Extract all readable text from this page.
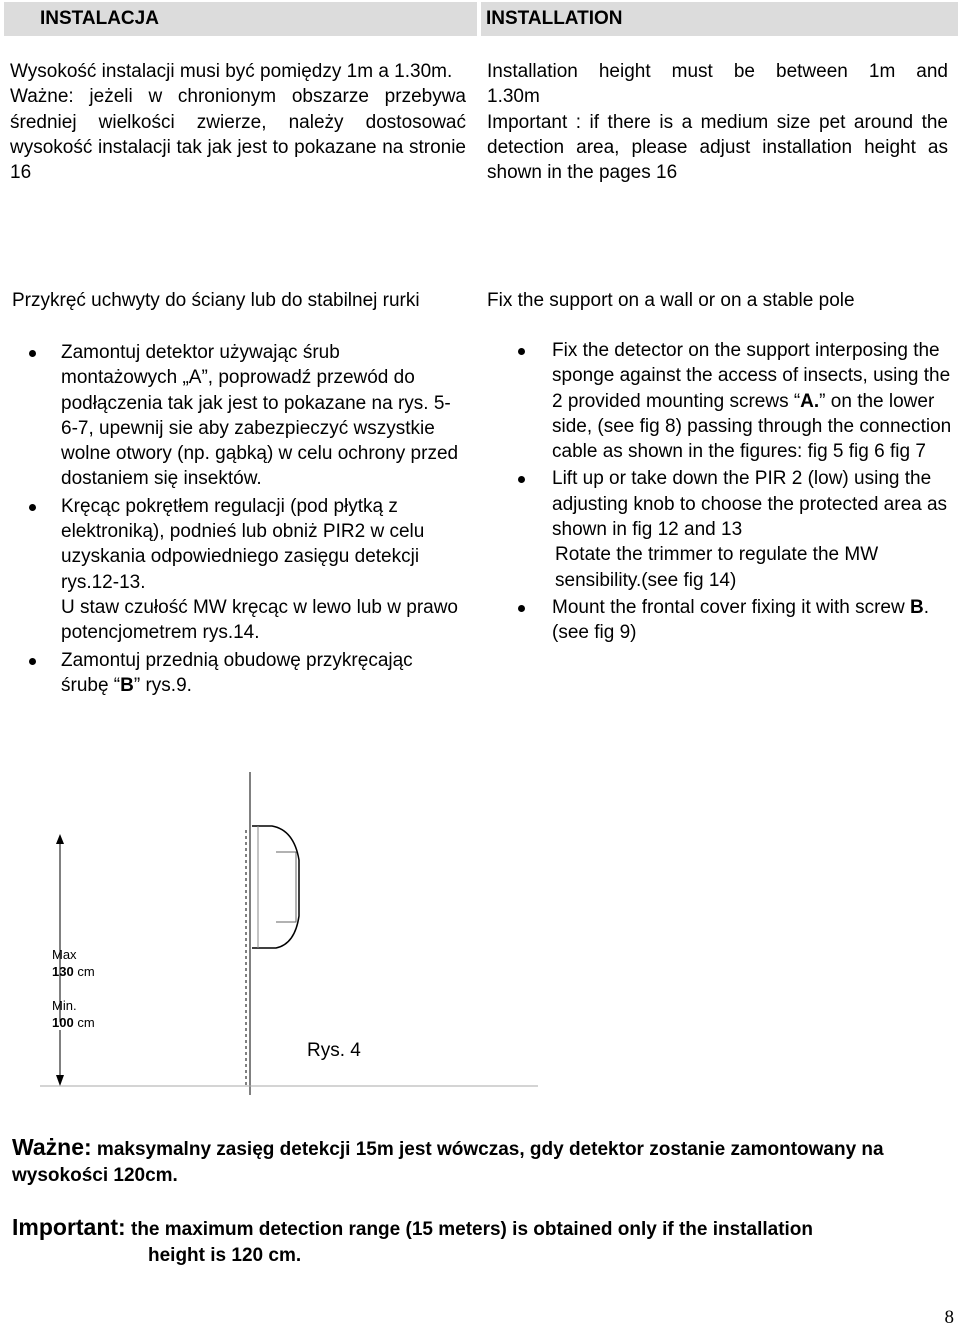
INSTALACJA	INSTALLATION
Wysokość instalacji musi być pomiędzy 1m a 1.30m.
Ważne: jeżeli w chronionym obszarze przebywa średniej wielkości zwierze, należy dostosować wysokość instalacji tak jak jest to pokazane na stronie 16
Installation height must be between 1m and
1.30m
Important : if there is a medium size pet around the detection area, please adjust installation height as shown in the pages 16
Przykręć uchwyty do ściany lub do stabilnej rurki	Fix the support on a wall or on a stable pole
Zamontuj detektor używając śrub montażowych „A”, poprowadź przewód do podłączenia tak jak jest to pokazane na rys. 5-6-7, upewnij sie aby zabezpieczyć wszystkie wolne otwory (np. gąbką) w celu ochrony przed dostaniem się insektów.
Kręcąc pokrętłem regulacji (pod płytką z elektroniką), podnieś lub obniż PIR2 w celu uzyskania odpowiedniego zasięgu detekcji rys.12-13.
U staw czułość MW kręcąc w lewo lub w prawo potencjometrem rys.14.
Zamontuj przednią obudowę przykręcając śrubę “B” rys.9.
Fix the detector on the support interposing the sponge against the access of insects, using the 2 provided mounting screws “A.” on the lower side, (see fig 8) passing through the connection cable as shown in the figures: fig 5 fig 6 fig 7
Lift up or take down the PIR 2 (low) using the adjusting knob to choose the protected area as shown in fig 12 and 13
Rotate the trimmer to regulate the MW sensibility.(see fig 14)
Mount the frontal cover fixing it with screw B. (see fig 9)
Max
130 cm
Min.
100 cm
Rys. 4
Ważne: maksymalny zasięg detekcji 15m jest wówczas, gdy detektor zostanie zamontowany na wysokości 120cm.
Important: the maximum detection range (15 meters) is obtained only if the installation
height is 120 cm.
8
